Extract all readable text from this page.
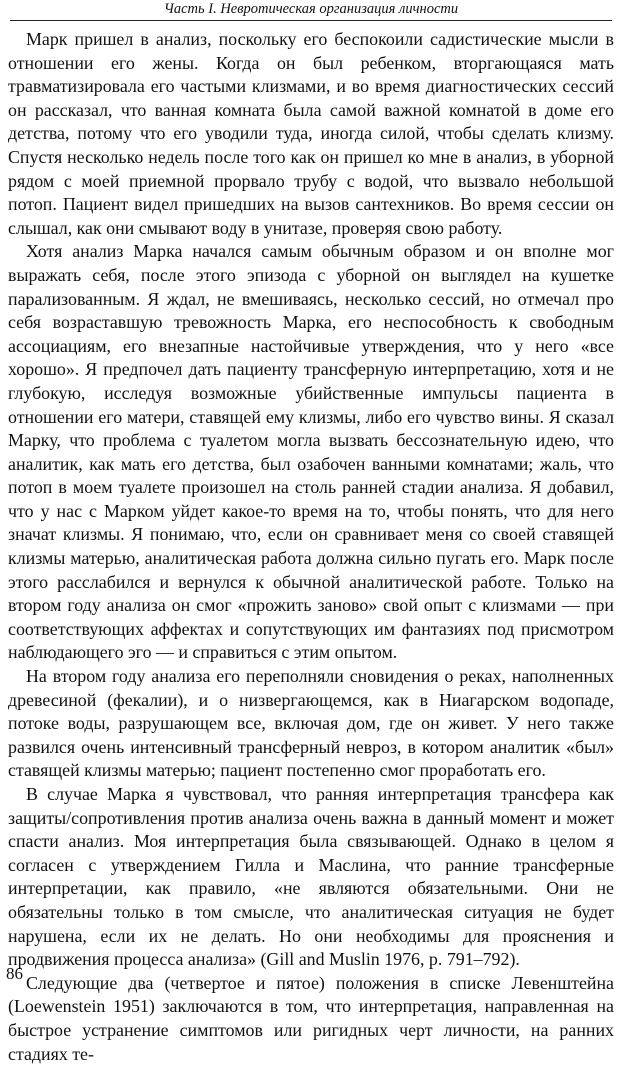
Часть I. Невротическая организация личности

Марк пришел в анализ, поскольку его беспокоили садистические мысли в отношении его жены. Когда он был ребенком, вторгающаяся мать травматизировала его частыми клизмами, и во время диагностических сессий он рассказал, что ванная комната была самой важной комнатой в доме его детства, потому что его уводили туда, иногда силой, чтобы сделать клизму. Спустя несколько недель после того как он пришел ко мне в анализ, в уборной рядом с моей приемной прорвало трубу с водой, что вызвало небольшой потоп. Пациент видел пришедших на вызов сантехников. Во время сессии он слышал, как они смывают воду в унитазе, проверяя свою работу.

Хотя анализ Марка начался самым обычным образом и он вполне мог выражать себя, после этого эпизода с уборной он выглядел на кушетке парализованным. Я ждал, не вмешиваясь, несколько сессий, но отмечал про себя возраставшую тревожность Марка, его неспособность к свободным ассоциациям, его внезапные настойчивые утверждения, что у него «все хорошо». Я предпочел дать пациенту трансферную интерпретацию, хотя и не глубокую, исследуя возможные убийственные импульсы пациента в отношении его матери, ставящей ему клизмы, либо его чувство вины. Я сказал Марку, что проблема с туалетом могла вызвать бессознательную идею, что аналитик, как мать его детства, был озабочен ванными комнатами; жаль, что потоп в моем туалете произошел на столь ранней стадии анализа. Я добавил, что у нас с Марком уйдет какое-то время на то, чтобы понять, что для него значат клизмы. Я понимаю, что, если он сравнивает меня со своей ставящей клизмы матерью, аналитическая работа должна сильно пугать его. Марк после этого расслабился и вернулся к обычной аналитической работе. Только на втором году анализа он смог «прожить заново» свой опыт с клизмами — при соответствующих аффектах и сопутствующих им фантазиях под присмотром наблюдающего эго — и справиться с этим опытом.

На втором году анализа его переполняли сновидения о реках, наполненных древесиной (фекалии), и о низвергающемся, как в Ниагарском водопаде, потоке воды, разрушающем все, включая дом, где он живет. У него также развился очень интенсивный трансферный невроз, в котором аналитик «был» ставящей клизмы матерью; пациент постепенно смог проработать его.

В случае Марка я чувствовал, что ранняя интерпретация трансфера как защиты/сопротивления против анализа очень важна в данный момент и может спасти анализ. Моя интерпретация была связывающей. Однако в целом я согласен с утверждением Гилла и Маслина, что ранние трансферные интерпретации, как правило, «не являются обязательными. Они не обязательны только в том смысле, что аналитическая ситуация не будет нарушена, если их не делать. Но они необходимы для прояснения и продвижения процесса анализа» (Gill and Muslin 1976, p. 791–792).

Следующие два (четвертое и пятое) положения в списке Левенштейна (Loewenstein 1951) заключаются в том, что интерпретация, направленная на быстрое устранение симптомов или ригидных черт личности, на ранних стадиях те-

86
